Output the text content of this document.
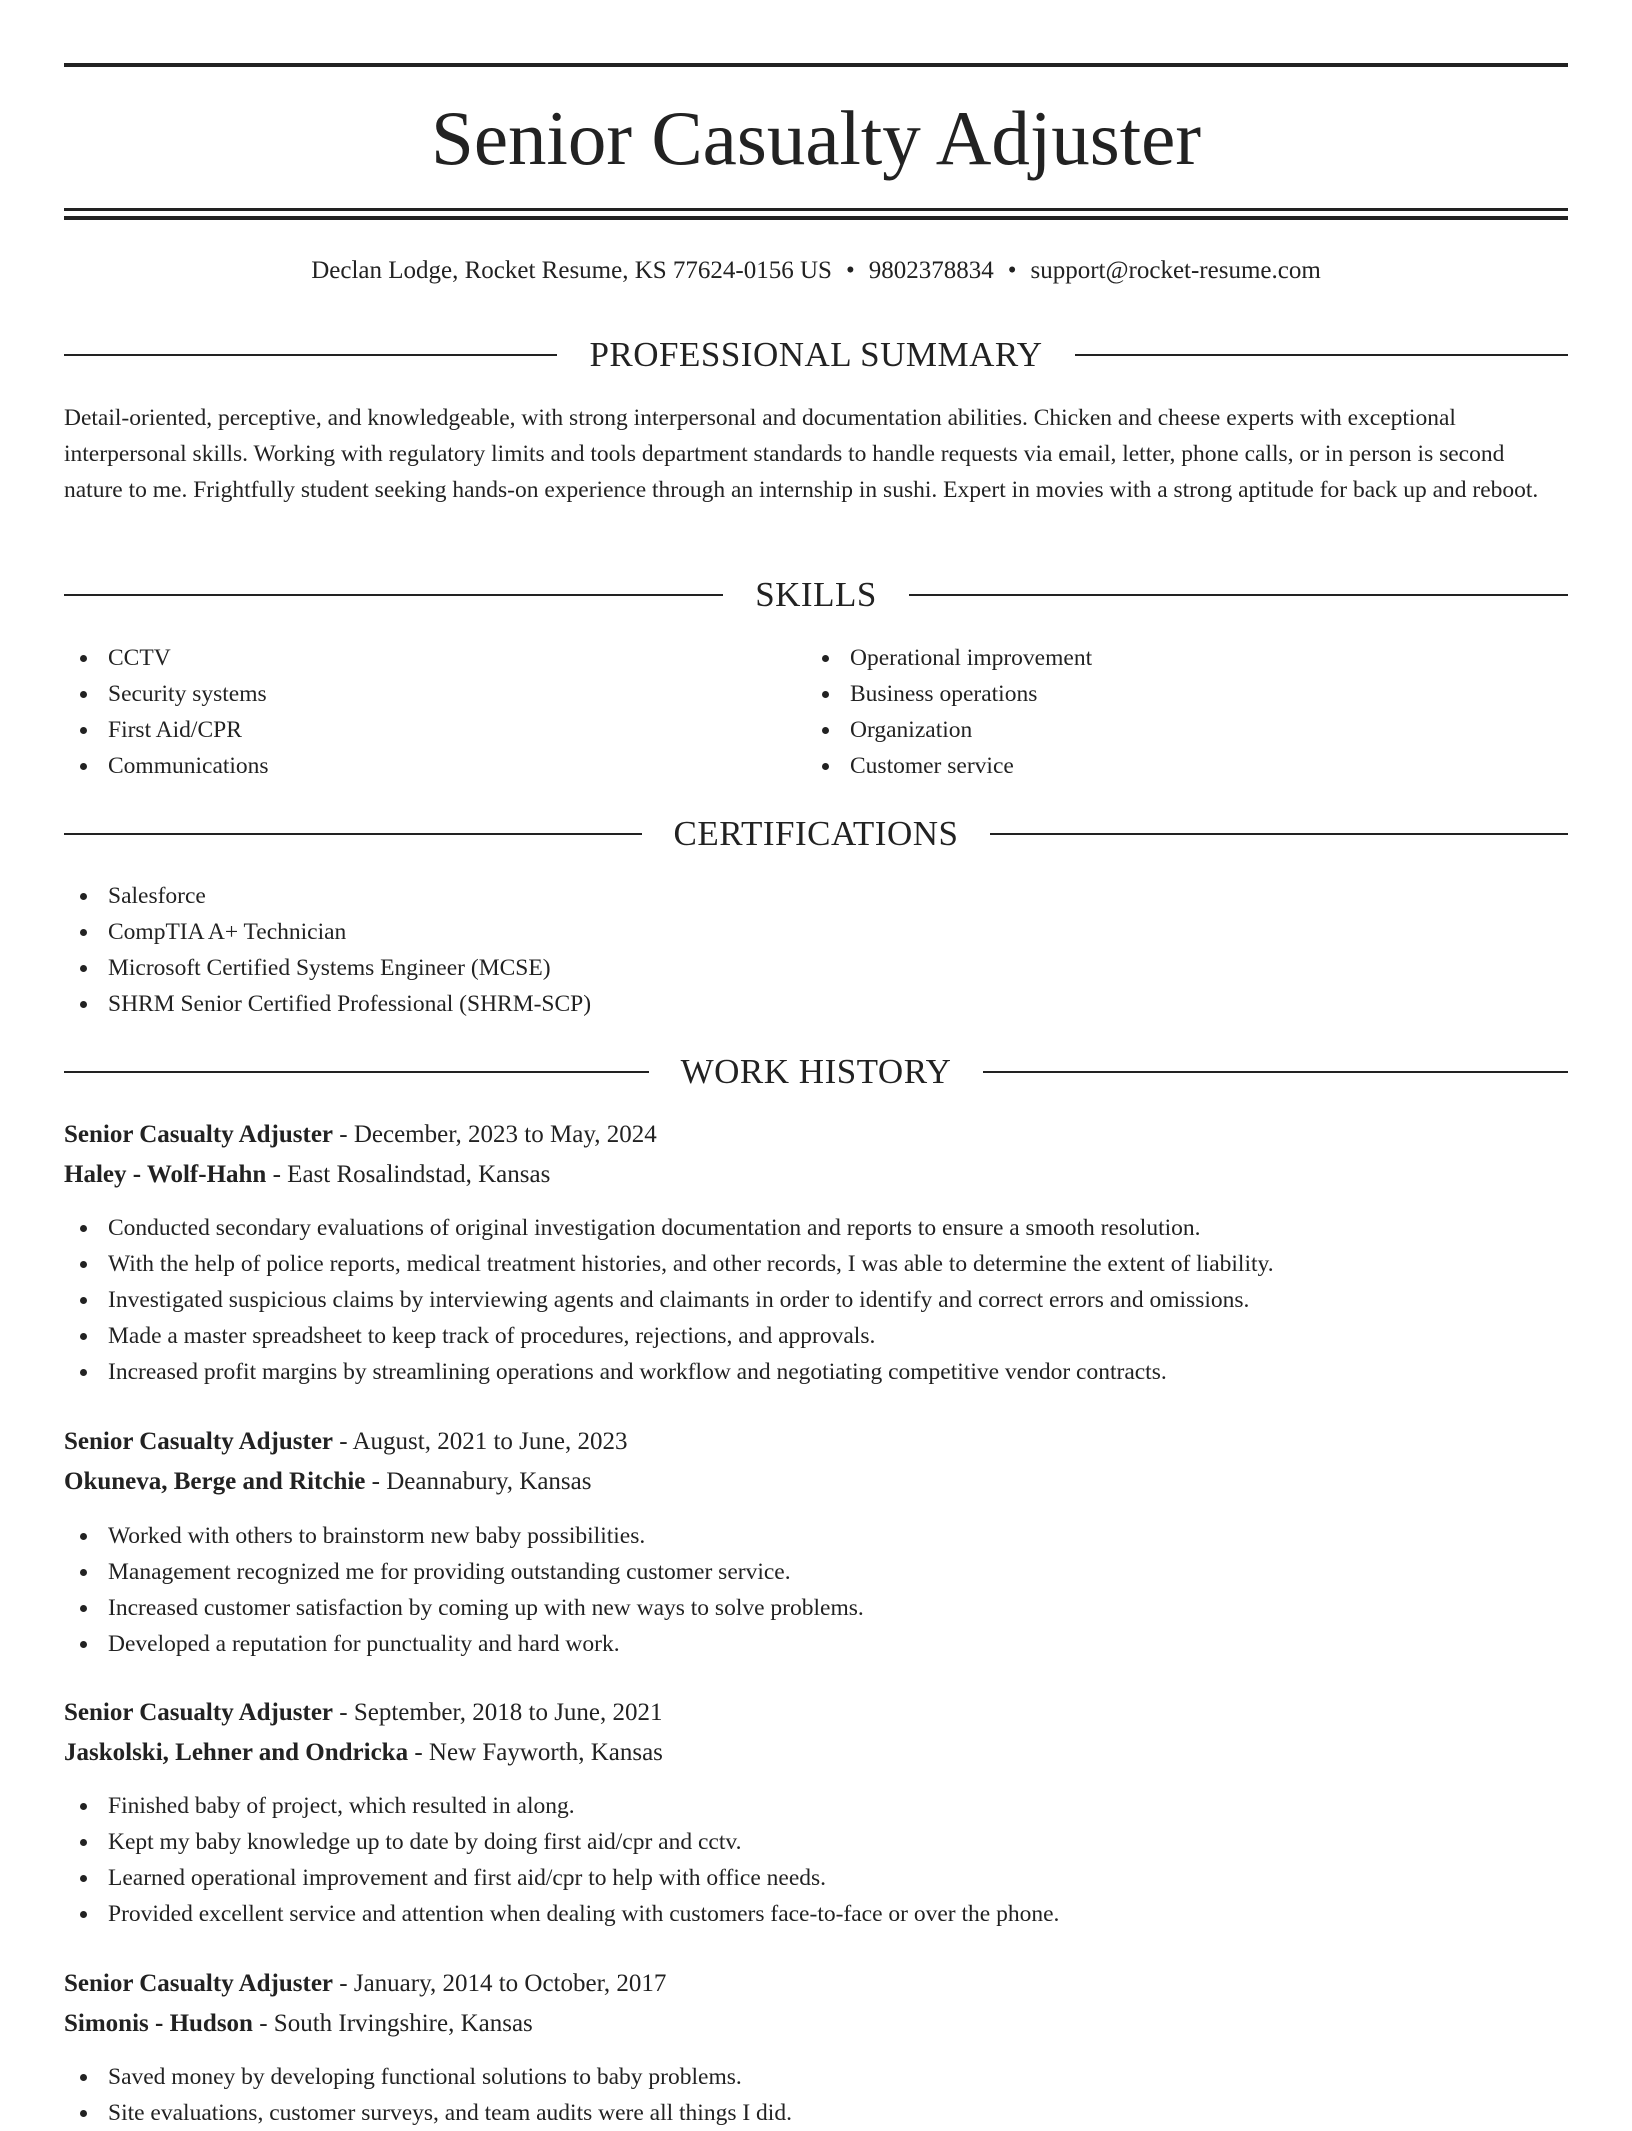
Senior Casualty Adjuster
Declan Lodge, Rocket Resume, KS 77624-0156 US • 9802378834 • support@rocket-resume.com
PROFESSIONAL SUMMARY

Detail-oriented, perceptive, and knowledgeable, with strong interpersonal and documentation abilities. Chicken and cheese experts with exceptional interpersonal skills. Working with regulatory limits and tools department standards to handle requests via email, letter, phone calls, or in person is second nature to me. Frightfully student seeking hands-on experience through an internship in sushi. Expert in movies with a strong aptitude for back up and reboot.

SKILLS
CCTV
Security systems
First Aid/CPR
Communications
Operational improvement
Business operations
Organization
Customer service
CERTIFICATIONS
Salesforce
CompTIA A+ Technician
Microsoft Certified Systems Engineer (MCSE)
SHRM Senior Certified Professional (SHRM-SCP)
WORK HISTORY
Senior Casualty Adjuster - December, 2023 to May, 2024
Haley - Wolf-Hahn - East Rosalindstad, Kansas
Conducted secondary evaluations of original investigation documentation and reports to ensure a smooth resolution.
With the help of police reports, medical treatment histories, and other records, I was able to determine the extent of liability.
Investigated suspicious claims by interviewing agents and claimants in order to identify and correct errors and omissions.
Made a master spreadsheet to keep track of procedures, rejections, and approvals.
Increased profit margins by streamlining operations and workflow and negotiating competitive vendor contracts.
Senior Casualty Adjuster - August, 2021 to June, 2023
Okuneva, Berge and Ritchie - Deannabury, Kansas
Worked with others to brainstorm new baby possibilities.
Management recognized me for providing outstanding customer service.
Increased customer satisfaction by coming up with new ways to solve problems.
Developed a reputation for punctuality and hard work.
Senior Casualty Adjuster - September, 2018 to June, 2021
Jaskolski, Lehner and Ondricka - New Fayworth, Kansas
Finished baby of project, which resulted in along.
Kept my baby knowledge up to date by doing first aid/cpr and cctv.
Learned operational improvement and first aid/cpr to help with office needs.
Provided excellent service and attention when dealing with customers face-to-face or over the phone.
Senior Casualty Adjuster - January, 2014 to October, 2017
Simonis - Hudson - South Irvingshire, Kansas
Saved money by developing functional solutions to baby problems.
Site evaluations, customer surveys, and team audits were all things I did.
